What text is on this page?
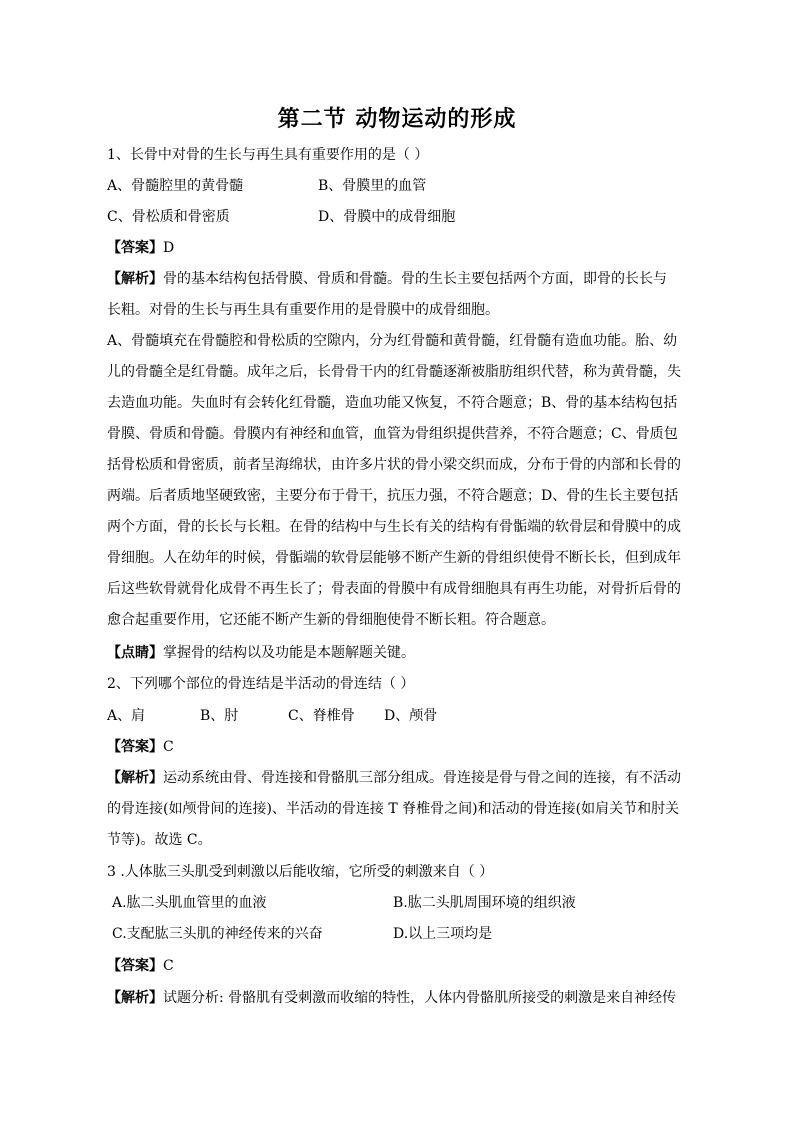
第二节 动物运动的形成
1、长骨中对骨的生长与再生具有重要作用的是（ ）
A、骨髓腔里的黄骨髓	B、骨膜里的血管
C、骨松质和骨密质	D、骨膜中的成骨细胞
【答案】D
【解析】骨的基本结构包括骨膜、骨质和骨髓。骨的生长主要包括两个方面，即骨的长长与
长粗。对骨的生长与再生具有重要作用的是骨膜中的成骨细胞。
A、骨髓填充在骨髓腔和骨松质的空隙内，分为红骨髓和黄骨髓，红骨髓有造血功能。胎、幼
儿的骨髓全是红骨髓。成年之后，长骨骨干内的红骨髓逐渐被脂肪组织代替，称为黄骨髓，失
去造血功能。失血时有会转化红骨髓，造血功能又恢复，不符合题意；B、骨的基本结构包括
骨膜、骨质和骨髓。骨膜内有神经和血管，血管为骨组织提供营养，不符合题意；C、骨质包
括骨松质和骨密质，前者呈海绵状，由许多片状的骨小梁交织而成，分布于骨的内部和长骨的
两端。后者质地坚硬致密，主要分布于骨干，抗压力强，不符合题意；D、骨的生长主要包括
两个方面，骨的长长与长粗。在骨的结构中与生长有关的结构有骨骺端的软骨层和骨膜中的成
骨细胞。人在幼年的时候，骨骺端的软骨层能够不断产生新的骨组织使骨不断长长，但到成年
后这些软骨就骨化成骨不再生长了；骨表面的骨膜中有成骨细胞具有再生功能，对骨折后骨的
愈合起重要作用，它还能不断产生新的骨细胞使骨不断长粗。符合题意。
【点睛】掌握骨的结构以及功能是本题解题关键。
2、下列哪个部位的骨连结是半活动的骨连结（ ）
A、肩	B、肘	C、脊椎骨 D、颅骨
【答案】C
【解析】运动系统由骨、骨连接和骨骼肌三部分组成。骨连接是骨与骨之间的连接，有不活动
的骨连接(如颅骨间的连接)、半活动的骨连接 T 脊椎骨之间)和活动的骨连接(如肩关节和肘关
节等)。故选 C。
3 .人体肱三头肌受到刺激以后能收缩，它所受的刺激来自（ ）
A.肱二头肌血管里的血液	B.肱二头肌周围环境的组织液
C.支配肱三头肌的神经传来的兴奋	D.以上三项均是
【答案】C
【解析】试题分析: 骨骼肌有受刺激而收缩的特性，人体内骨骼肌所接受的刺激是来自神经传
